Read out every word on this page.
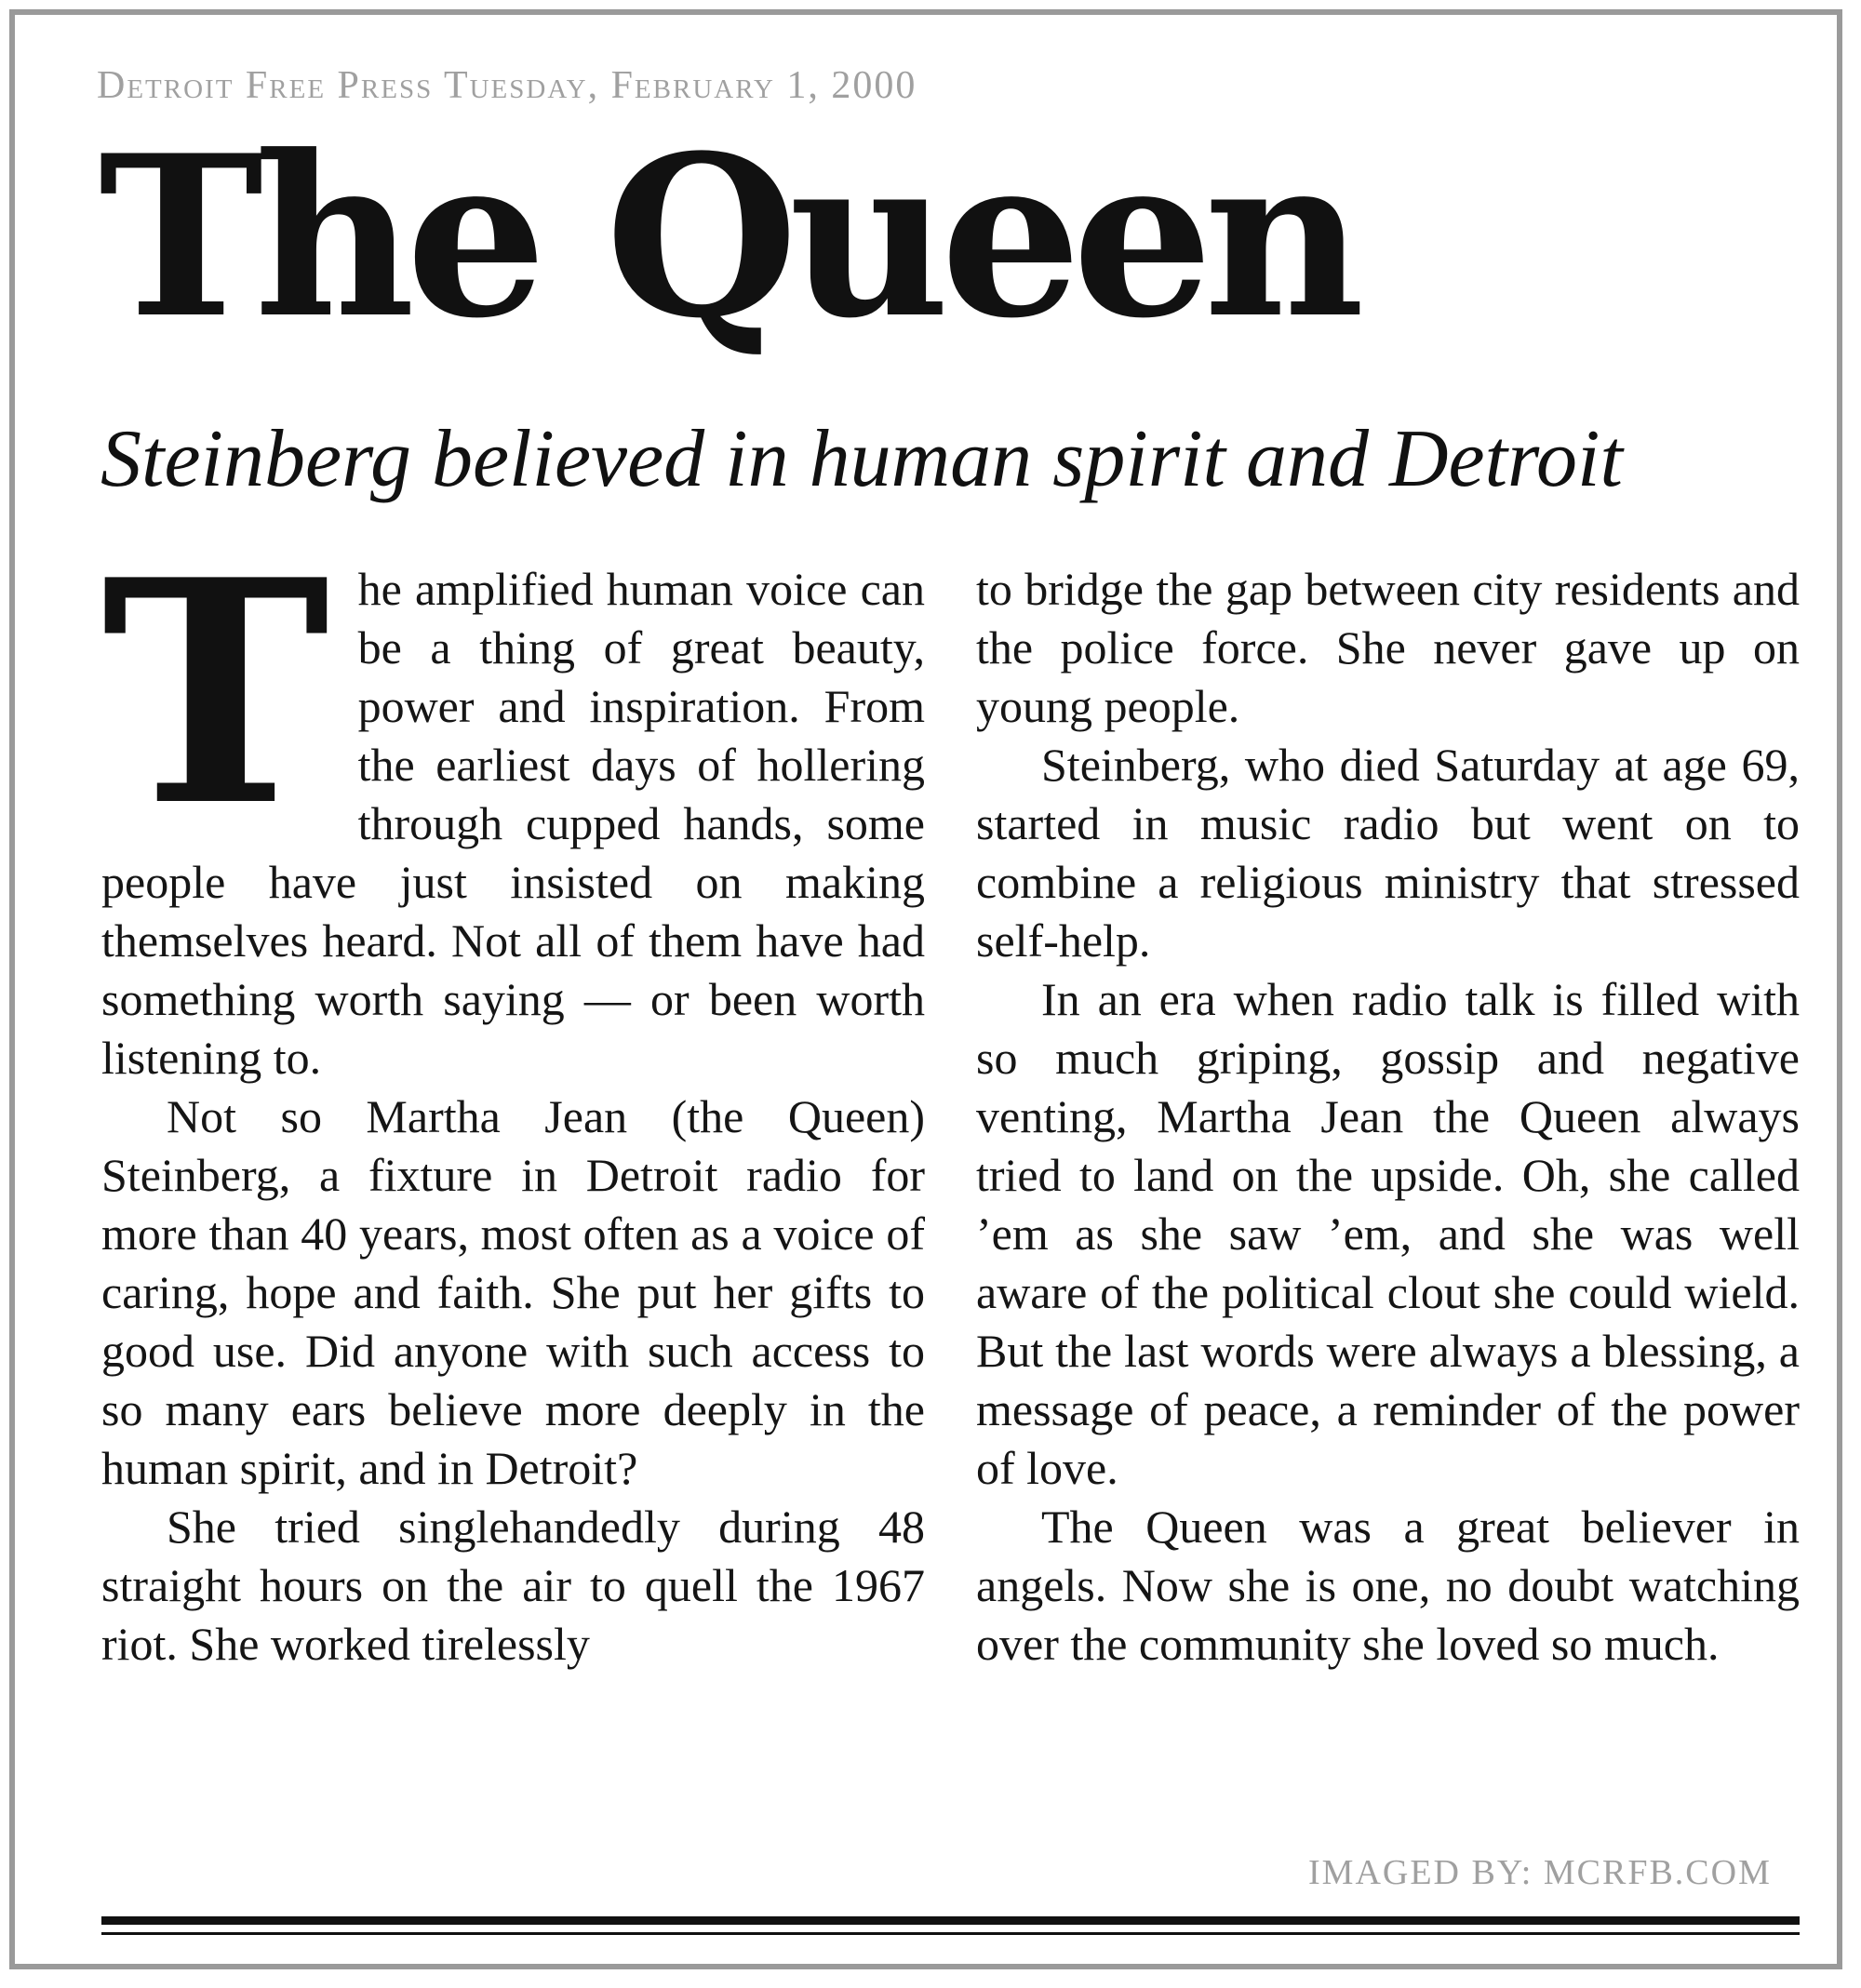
Detroit Free Press Tuesday, February 1, 2000
The Queen
Steinberg believed in human spirit and Detroit

The amplified human voice can be a thing of great beauty, power and inspiration. From the earliest days of hollering through cupped hands, some people have just insisted on making themselves heard. Not all of them have had something worth saying — or been worth listening to.

Not so Martha Jean (the Queen) Steinberg, a fixture in Detroit radio for more than 40 years, most often as a voice of caring, hope and faith. She put her gifts to good use. Did anyone with such access to so many ears believe more deeply in the human spirit, and in Detroit?

She tried singlehandedly during 48 straight hours on the air to quell the 1967 riot. She worked tirelessly

to bridge the gap between city residents and the police force. She never gave up on young people.

Steinberg, who died Saturday at age 69, started in music radio but went on to combine a religious ministry that stressed self-help.

In an era when radio talk is filled with so much griping, gossip and negative venting, Martha Jean the Queen always tried to land on the upside. Oh, she called ’em as she saw ’em, and she was well aware of the political clout she could wield. But the last words were always a blessing, a message of peace, a reminder of the power of love.

The Queen was a great believer in angels. Now she is one, no doubt watching over the community she loved so much.

IMAGED BY: MCRFB.COM
